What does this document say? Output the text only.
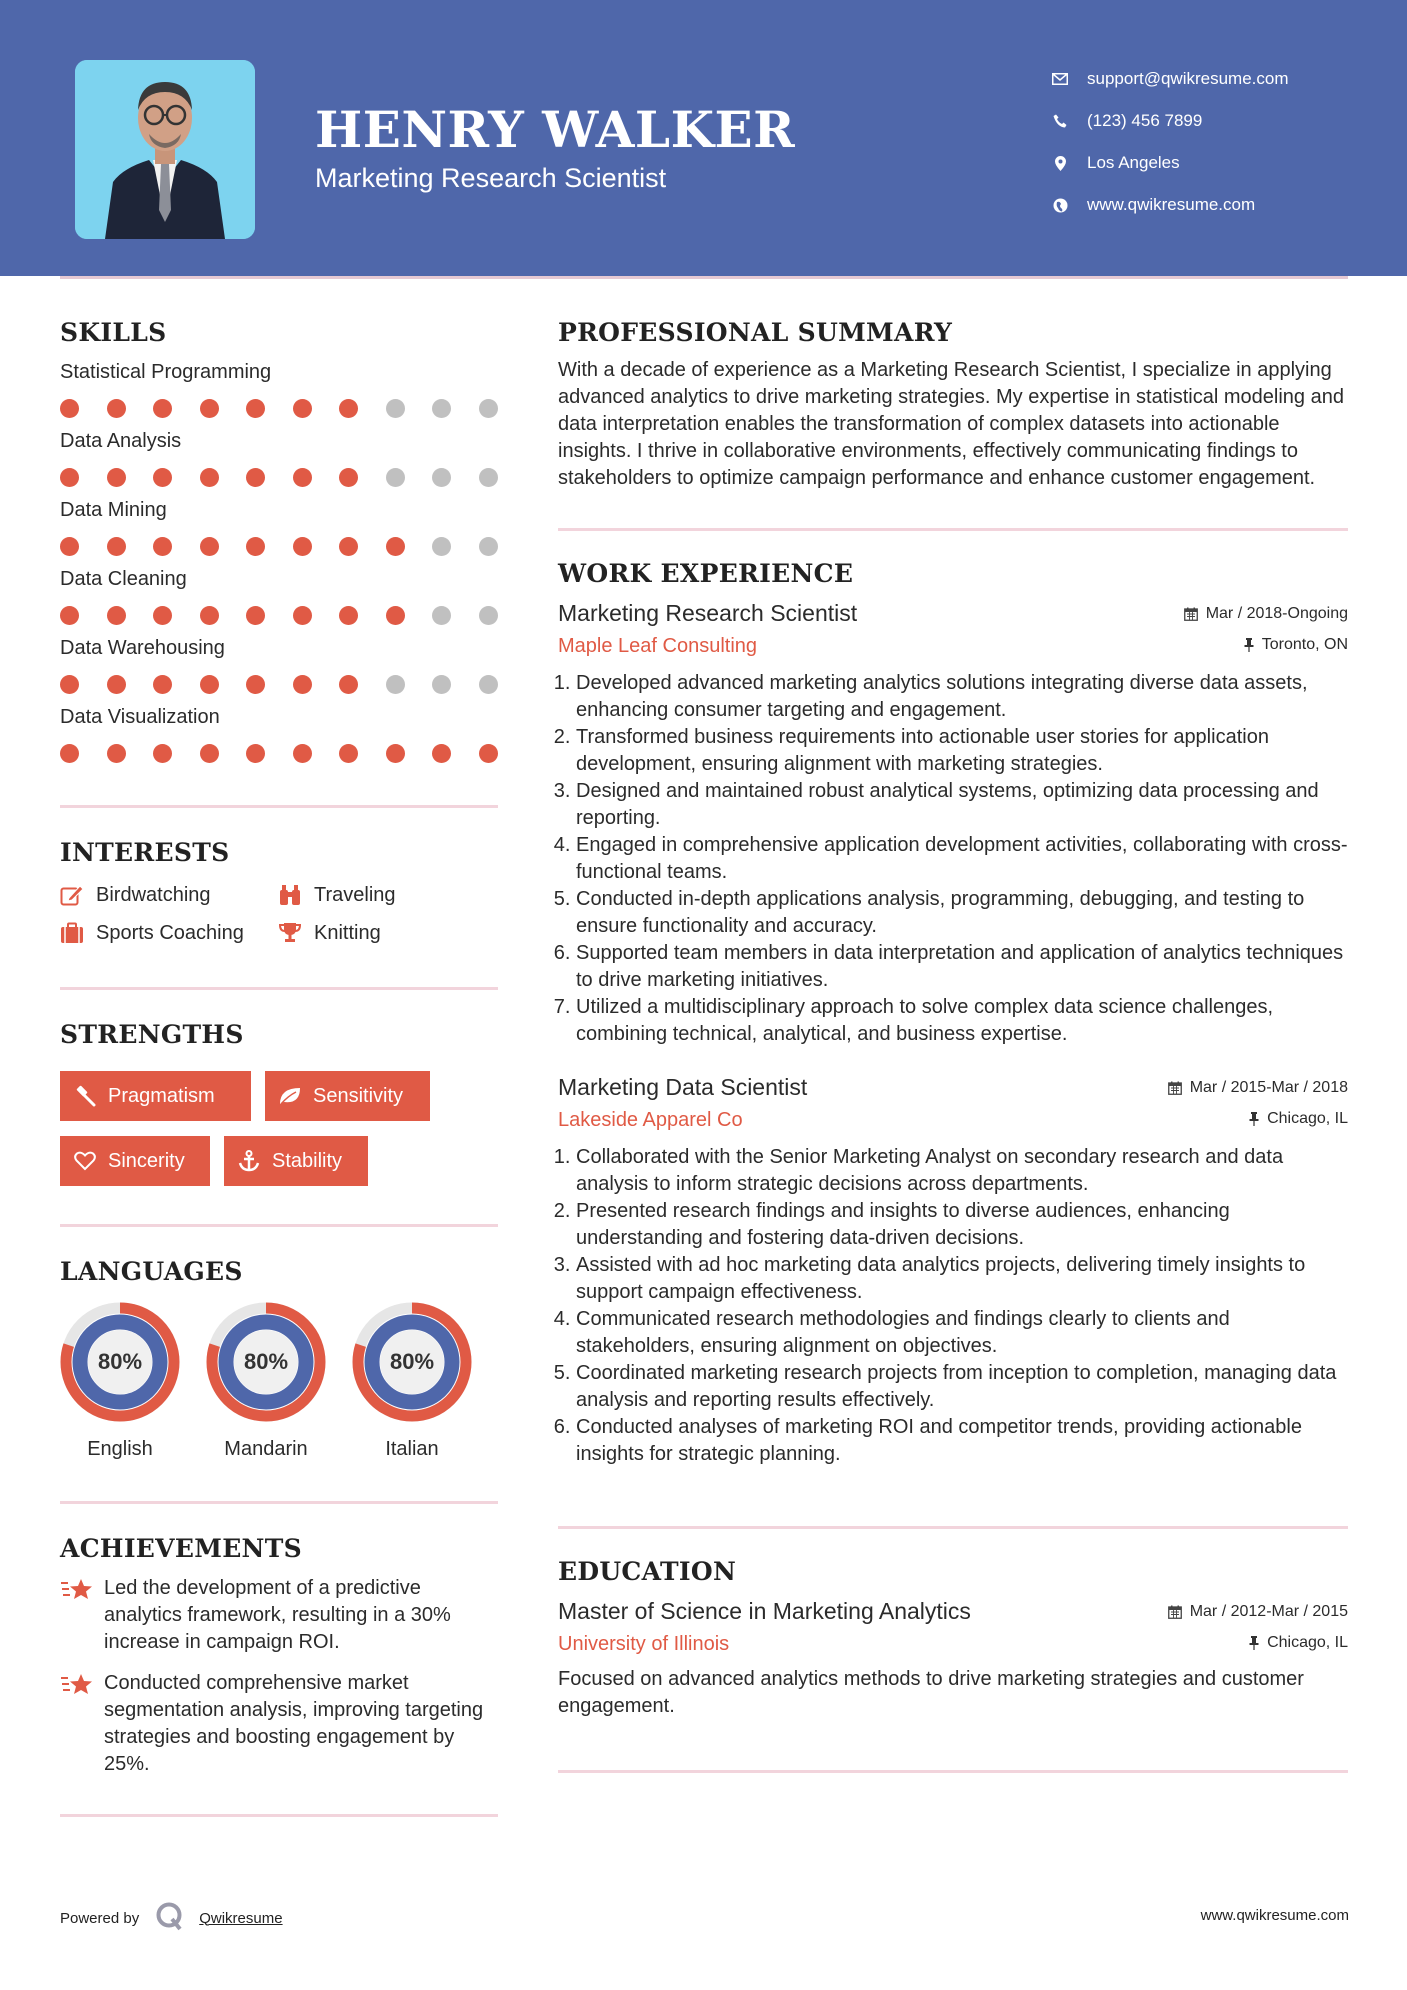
HENRY WALKER
Marketing Research Scientist
support@qwikresume.com
(123) 456 7899
Los Angeles
www.qwikresume.com
SKILLS
Statistical Programming
Data Analysis
Data Mining
Data Cleaning
Data Warehousing
Data Visualization
INTERESTS
Birdwatching	Traveling
Sports Coaching	Knitting
STRENGTHS
Pragmatism	Sensitivity
Sincerity	Stability
LANGUAGES
80%
English
80%
Mandarin
80%
Italian
ACHIEVEMENTS
Led the development of a predictive analytics framework, resulting in a 30% increase in campaign ROI.
Conducted comprehensive market segmentation analysis, improving targeting strategies and boosting engagement by 25%.
PROFESSIONAL SUMMARY

With a decade of experience as a Marketing Research Scientist, I specialize in applying advanced analytics to drive marketing strategies. My expertise in statistical modeling and data interpretation enables the transformation of complex datasets into actionable insights. I thrive in collaborative environments, effectively communicating findings to stakeholders to optimize campaign performance and enhance customer engagement.

WORK EXPERIENCE
Marketing Research Scientist	Mar / 2018-Ongoing
Maple Leaf Consulting	Toronto, ON
1. Developed advanced marketing analytics solutions integrating diverse data assets, enhancing consumer targeting and engagement.
2. Transformed business requirements into actionable user stories for application development, ensuring alignment with marketing strategies.
3. Designed and maintained robust analytical systems, optimizing data processing and reporting.
4. Engaged in comprehensive application development activities, collaborating with cross-functional teams.
5. Conducted in-depth applications analysis, programming, debugging, and testing to ensure functionality and accuracy.
6. Supported team members in data interpretation and application of analytics techniques to drive marketing initiatives.
7. Utilized a multidisciplinary approach to solve complex data science challenges, combining technical, analytical, and business expertise.
Marketing Data Scientist	Mar / 2015-Mar / 2018
Lakeside Apparel Co	Chicago, IL
1. Collaborated with the Senior Marketing Analyst on secondary research and data analysis to inform strategic decisions across departments.
2. Presented research findings and insights to diverse audiences, enhancing understanding and fostering data-driven decisions.
3. Assisted with ad hoc marketing data analytics projects, delivering timely insights to support campaign effectiveness.
4. Communicated research methodologies and findings clearly to clients and stakeholders, ensuring alignment on objectives.
5. Coordinated marketing research projects from inception to completion, managing data analysis and reporting results effectively.
6. Conducted analyses of marketing ROI and competitor trends, providing actionable insights for strategic planning.
EDUCATION
Master of Science in Marketing Analytics	Mar / 2012-Mar / 2015
University of Illinois	Chicago, IL

Focused on advanced analytics methods to drive marketing strategies and customer engagement.

Powered by	Qwikresume	www.qwikresume.com
